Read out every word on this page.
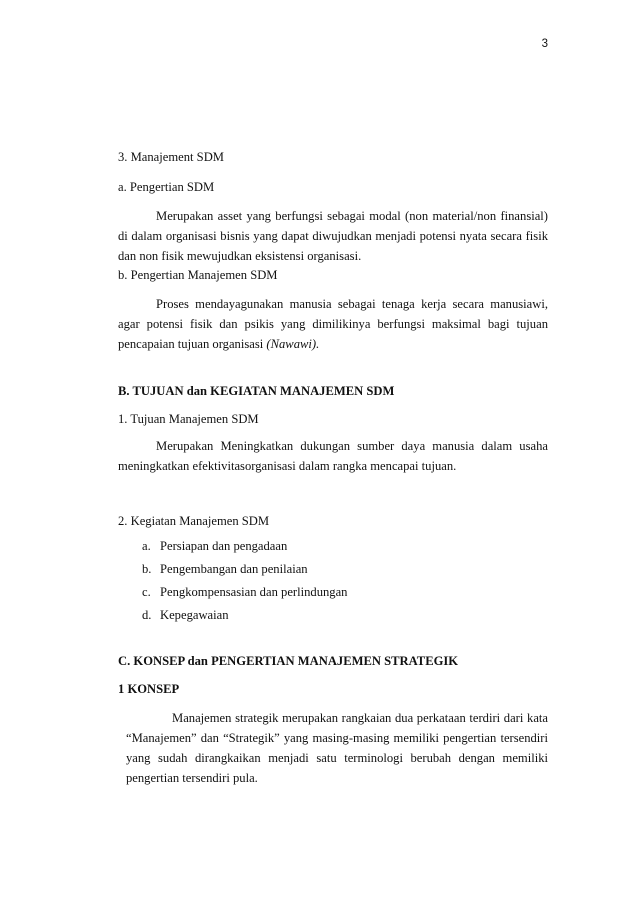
3
3. Manajement SDM
a. Pengertian SDM
Merupakan asset yang berfungsi sebagai modal (non material/non finansial) di dalam organisasi bisnis yang dapat diwujudkan menjadi potensi nyata secara fisik dan non fisik mewujudkan eksistensi organisasi.
b. Pengertian Manajemen SDM
Proses mendayagunakan manusia sebagai tenaga kerja secara manusiawi, agar potensi fisik dan psikis yang dimilikinya berfungsi maksimal bagi tujuan pencapaian tujuan organisasi (Nawawi).
B. TUJUAN dan KEGIATAN MANAJEMEN SDM
1. Tujuan Manajemen SDM
Merupakan Meningkatkan dukungan sumber daya manusia dalam usaha meningkatkan efektivitasorganisasi dalam rangka mencapai tujuan.
2. Kegiatan Manajemen SDM
a. Persiapan dan pengadaan
b. Pengembangan dan penilaian
c. Pengkompensasian dan perlindungan
d. Kepegawaian
C. KONSEP dan PENGERTIAN MANAJEMEN STRATEGIK
1 KONSEP
Manajemen strategik merupakan rangkaian dua perkataan terdiri dari kata “Manajemen” dan “Strategik” yang masing-masing memiliki pengertian tersendiri yang sudah dirangkaikan menjadi satu terminologi berubah dengan memiliki pengertian tersendiri pula.
